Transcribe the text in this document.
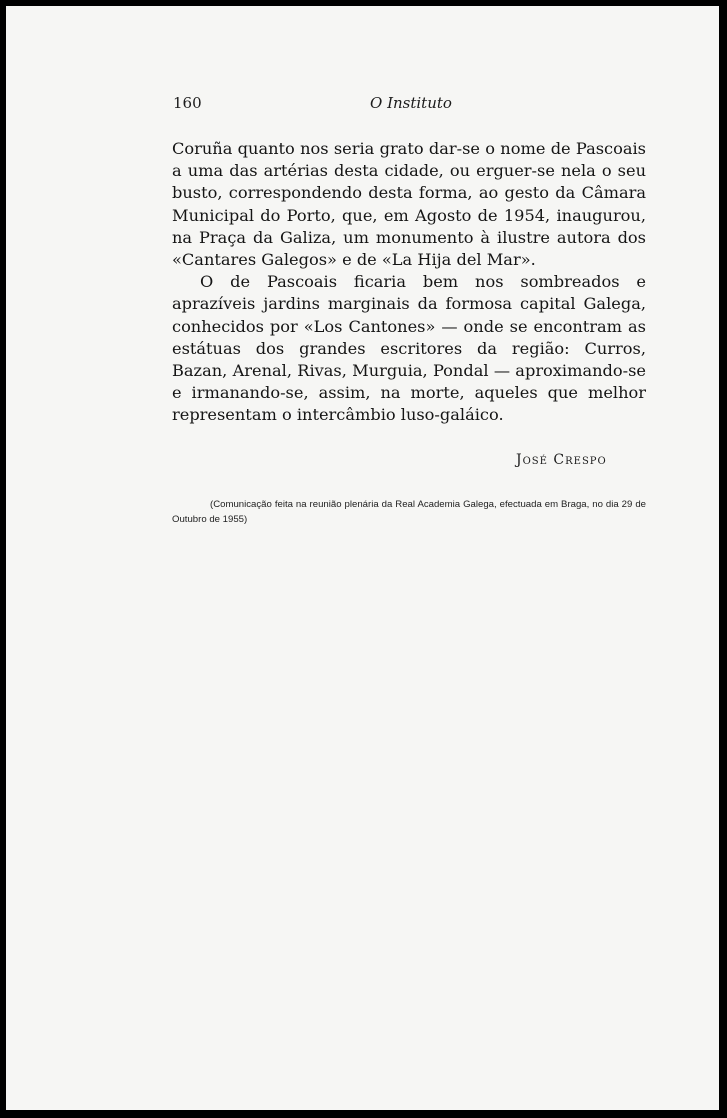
160	O Instituto

Coruña quanto nos seria grato dar-se o nome de Pascoais a uma das artérias desta cidade, ou erguer-se nela o seu busto, correspondendo desta forma, ao gesto da Câmara Municipal do Porto, que, em Agosto de 1954, inaugurou, na Praça da Galiza, um monumento à ilustre autora dos «Cantares Galegos» e de «La Hija del Mar».

O de Pascoais ficaria bem nos sombreados e aprazíveis jardins marginais da formosa capital Galega, conhecidos por «Los Cantones» — onde se encontram as estátuas dos grandes escritores da região: Curros, Bazan, Arenal, Rivas, Murguia, Pondal — aproximando-se e irmanando-se, assim, na morte, aqueles que melhor representam o intercâmbio luso-galáico.

José Crespo
(Comunicação feita na reunião plenária da Real Academia Galega, efectuada em Braga, no dia 29 de Outubro de 1955)
